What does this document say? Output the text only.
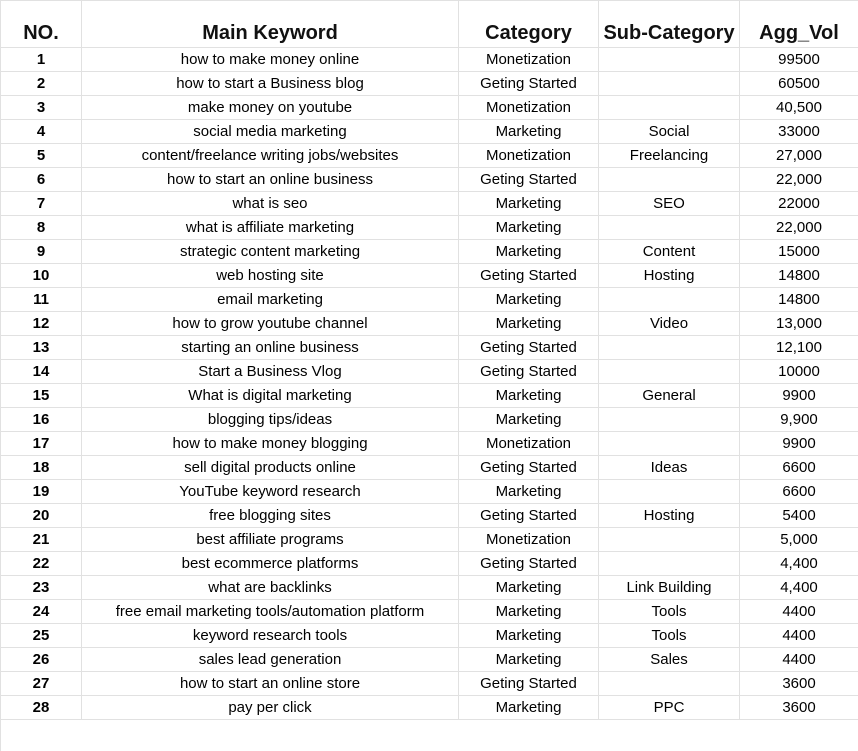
NO.	Main Keyword	Category	Sub-Category	Agg_Vol
1	how to make money online	Monetization		99500
2	how to start a Business blog	Geting Started		60500
3	make money on youtube	Monetization		40,500
4	social media marketing	Marketing	Social	33000
5	content/freelance writing jobs/websites	Monetization	Freelancing	27,000
6	how to start an online business	Geting Started		22,000
7	what is seo	Marketing	SEO	22000
8	what is affiliate marketing	Marketing		22,000
9	strategic content marketing	Marketing	Content	15000
10	web hosting site	Geting Started	Hosting	14800
11	email marketing	Marketing		14800
12	how to grow youtube channel	Marketing	Video	13,000
13	starting an online business	Geting Started		12,100
14	Start a Business Vlog	Geting Started		10000
15	What is digital marketing	Marketing	General	9900
16	blogging tips/ideas	Marketing		9,900
17	how to make money blogging	Monetization		9900
18	sell digital products online	Geting Started	Ideas	6600
19	YouTube keyword research	Marketing		6600
20	free blogging sites	Geting Started	Hosting	5400
21	best affiliate programs	Monetization		5,000
22	best ecommerce platforms	Geting Started		4,400
23	what are backlinks	Marketing	Link Building	4,400
24	free email marketing tools/automation platform	Marketing	Tools	4400
25	keyword research tools	Marketing	Tools	4400
26	sales lead generation	Marketing	Sales	4400
27	how to start an online store	Geting Started		3600
28	pay per click	Marketing	PPC	3600
